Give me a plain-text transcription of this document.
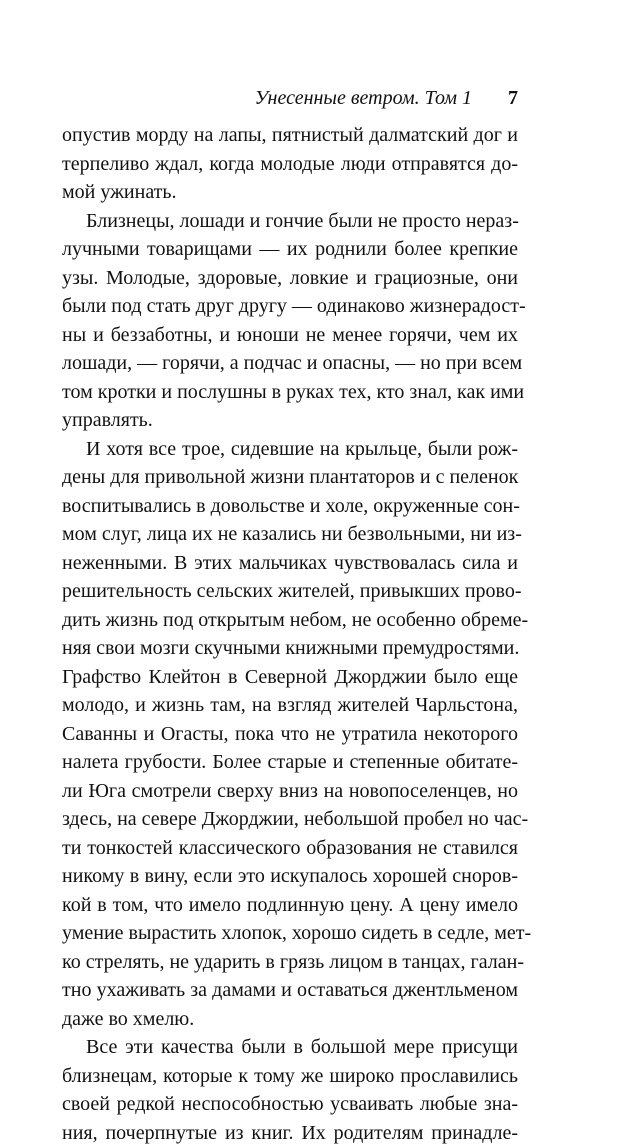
Унесенные ветром. Том 1 7
опустив морду на лапы, пятнистый далматский дог и
терпеливо ждал, когда молодые люди отправятся до-
мой ужинать.
Близнецы, лошади и гончие были не просто нераз-
лучными товарищами — их роднили более крепкие
узы. Молодые, здоровые, ловкие и грациозные, они
были под стать друг другу — одинаково жизнерадост-
ны и беззаботны, и юноши не менее горячи, чем их
лошади, — горячи, а подчас и опасны, — но при всем
том кротки и послушны в руках тех, кто знал, как ими
управлять.
И хотя все трое, сидевшие на крыльце, были рож-
дены для привольной жизни плантаторов и с пеленок
воспитывались в довольстве и холе, окруженные сон-
мом слуг, лица их не казались ни безвольными, ни из-
неженными. В этих мальчиках чувствовалась сила и
решительность сельских жителей, привыкших прово-
дить жизнь под открытым небом, не особенно обреме-
няя свои мозги скучными книжными премудростями.
Графство Клейтон в Северной Джорджии было еще
молодо, и жизнь там, на взгляд жителей Чарльстона,
Саванны и Огасты, пока что не утратила некоторого
налета грубости. Более старые и степенные обитате-
ли Юга смотрели сверху вниз на новопоселенцев, но
здесь, на севере Джорджии, небольшой пробел но час-
ти тонкостей классического образования не ставился
никому в вину, если это искупалось хорошей сноров-
кой в том, что имело подлинную цену. А цену имело
умение вырастить хлопок, хорошо сидеть в седле, мет-
ко стрелять, не ударить в грязь лицом в танцах, галан-
тно ухаживать за дамами и оставаться джентльменом
даже во хмелю.
Все эти качества были в большой мере присущи
близнецам, которые к тому же широко прославились
своей редкой неспособностью усваивать любые зна-
ния, почерпнутые из книг. Их родителям принадле-
